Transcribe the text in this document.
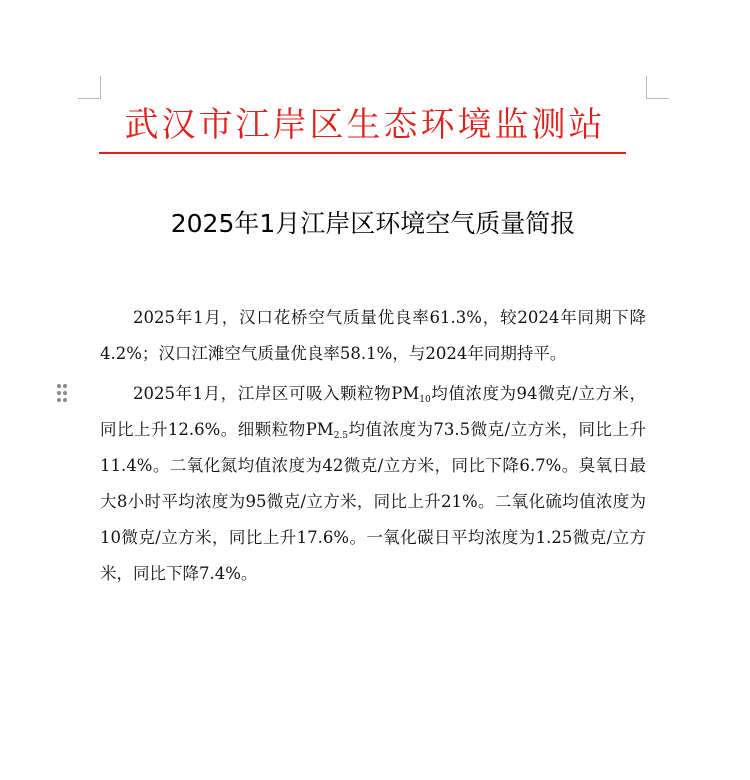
武汉市江岸区生态环境监测站
2025年1月江岸区环境空气质量简报

2025年1月，汉口花桥空气质量优良率61.3%，较2024年同期下降4.2%；汉口江滩空气质量优良率58.1%，与2024年同期持平。

2025年1月，江岸区可吸入颗粒物$PM_{10}$均值浓度为94微克/立方米，同比上升12.6%。细颗粒物$PM_{2.5}$均值浓度为73.5微克/立方米，同比上升11.4%。二氧化氮均值浓度为42微克/立方米，同比下降6.7%。臭氧日最大8小时平均浓度为95微克/立方米，同比上升21%。二氧化硫均值浓度为10微克/立方米，同比上升17.6%。一氧化碳日平均浓度为1.25微克/立方米，同比下降7.4%。
